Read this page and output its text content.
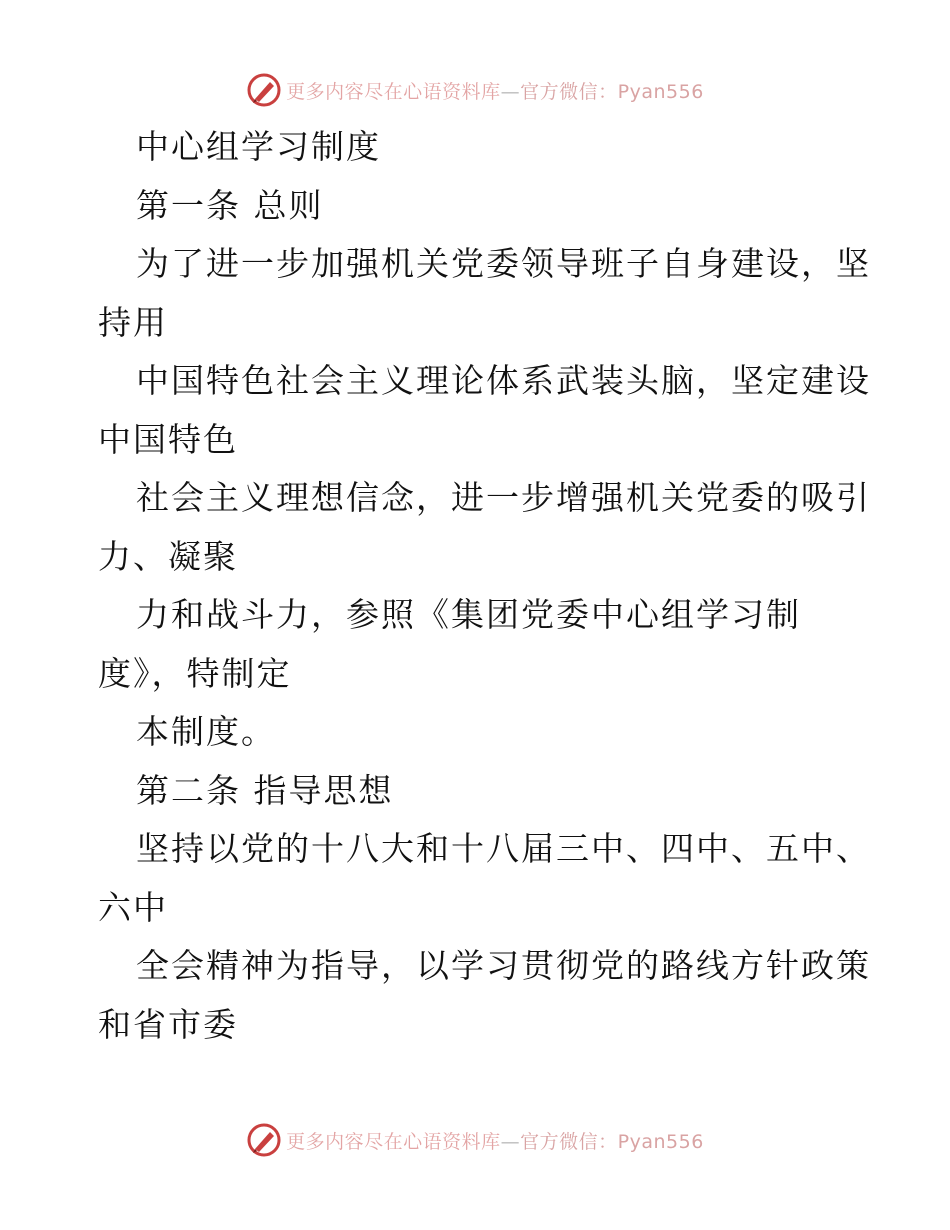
更多内容尽在心语资料库—官方微信：Pyan556
中心组学习制度
第一条 总则
为了进一步加强机关党委领导班子自身建设，坚
持用
中国特色社会主义理论体系武装头脑，坚定建设
中国特色
社会主义理想信念，进一步增强机关党委的吸引
力、凝聚
力和战斗力，参照《集团党委中心组学习制
度》，特制定
本制度。
第二条 指导思想
坚持以党的十八大和十八届三中、四中、五中、
六中
全会精神为指导，以学习贯彻党的路线方针政策
和省市委
更多内容尽在心语资料库—官方微信：Pyan556
